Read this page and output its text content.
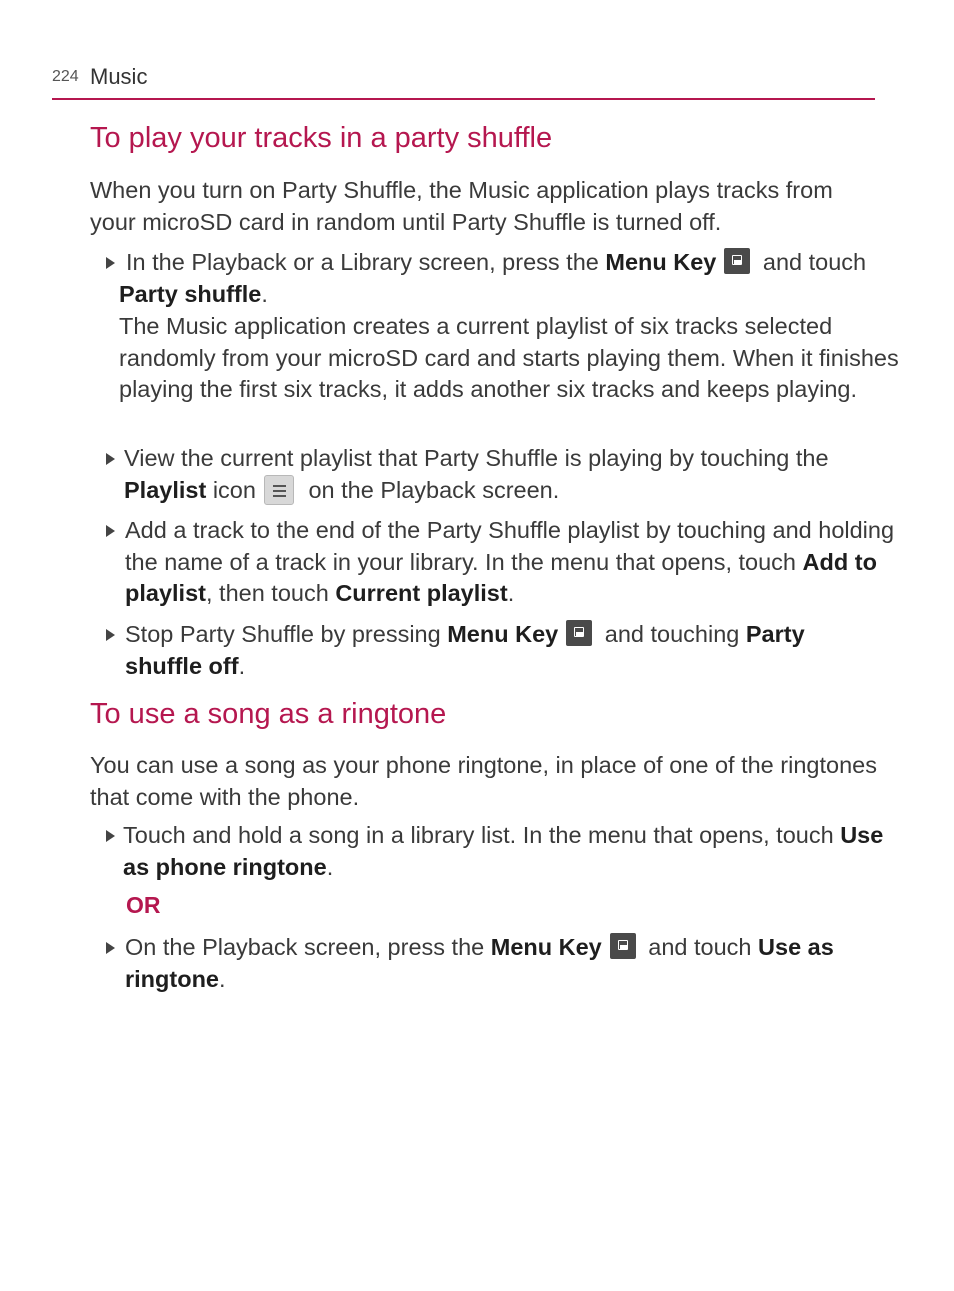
224 Music
To play your tracks in a party shuffle

When you turn on Party Shuffle, the Music application plays tracks from your microSD card in random until Party Shuffle is turned off.

In the Playback or a Library screen, press the Menu Key and touch Party shuffle.
The Music application creates a current playlist of six tracks selected randomly from your microSD card and starts playing them. When it finishes playing the first six tracks, it adds another six tracks and keeps playing.
View the current playlist that Party Shuffle is playing by touching the Playlist icon
on the Playback screen.
Add a track to the end of the Party Shuffle playlist by touching and holding the name of a track in your library. In the menu that opens, touch Add to playlist, then touch Current playlist.
Stop Party Shuffle by pressing Menu Key and touching Party shuffle off.
To use a song as a ringtone

You can use a song as your phone ringtone, in place of one of the ringtones that come with the phone.

Touch and hold a song in a library list. In the menu that opens, touch Use as phone ringtone.
OR
On the Playback screen, press the Menu Key and touch Use as ringtone.
